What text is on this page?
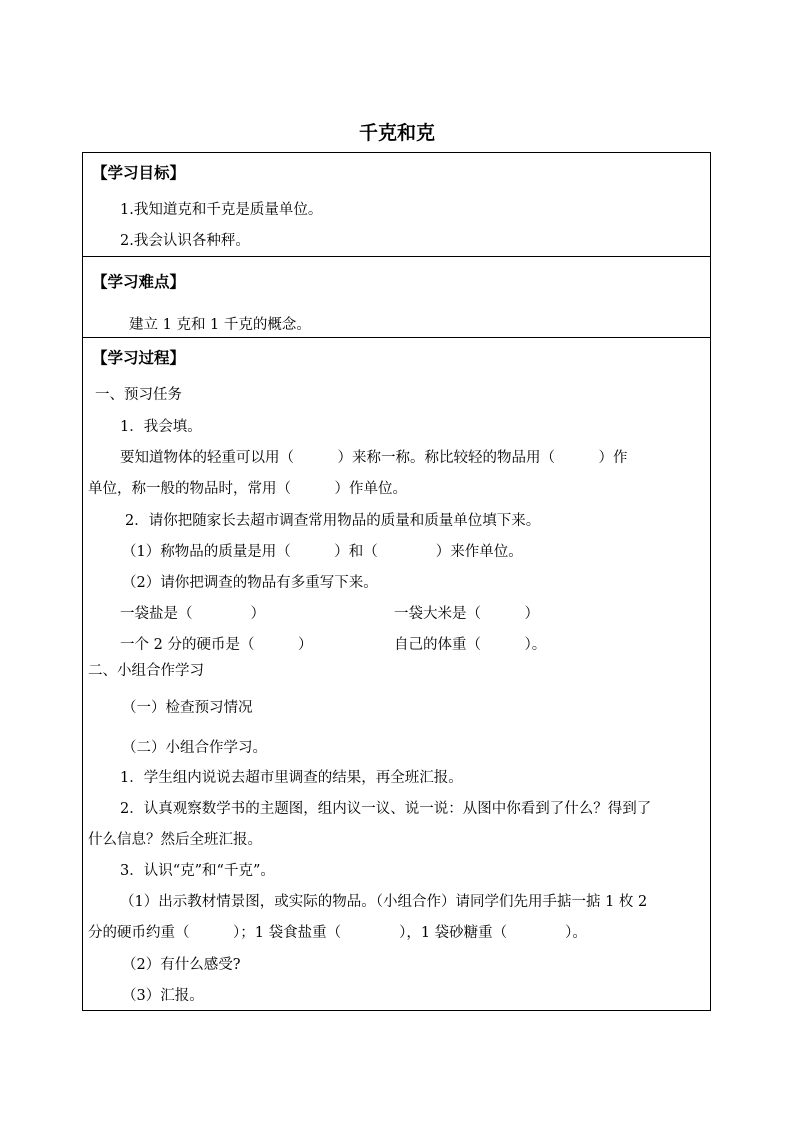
千克和克
【学习目标】
1.我知道克和千克是质量单位。
2.我会认识各种秤。
【学习难点】
建立 1 克和 1 千克的概念。
【学习过程】
一、预习任务
1．我会填。
要知道物体的轻重可以用（　　　）来称一称。称比较轻的物品用（　　　）作
单位，称一般的物品时，常用（　　　）作单位。
2．请你把随家长去超市调查常用物品的质量和质量单位填下来。
（1）称物品的质量是用（　　　）和（　　　　）来作单位。
（2）请你把调查的物品有多重写下来。
一袋盐是（　　　　）	一袋大米是（　　　）
一个 2 分的硬币是（　　　）	自己的体重（　　　）。
二、小组合作学习
（一）检查预习情况
（二）小组合作学习。
1．学生组内说说去超市里调查的结果，再全班汇报。
2．认真观察数学书的主题图，组内议一议、说一说：从图中你看到了什么？得到了
什么信息？然后全班汇报。
3．认识“克”和“千克”。
（1）出示教材情景图，或实际的物品。（小组合作）请同学们先用手掂一掂 1 枚 2
分的硬币约重（　　　）；1 袋食盐重（　　　　），1 袋砂糖重（　　　　）。
（2）有什么感受?
（3）汇报。
